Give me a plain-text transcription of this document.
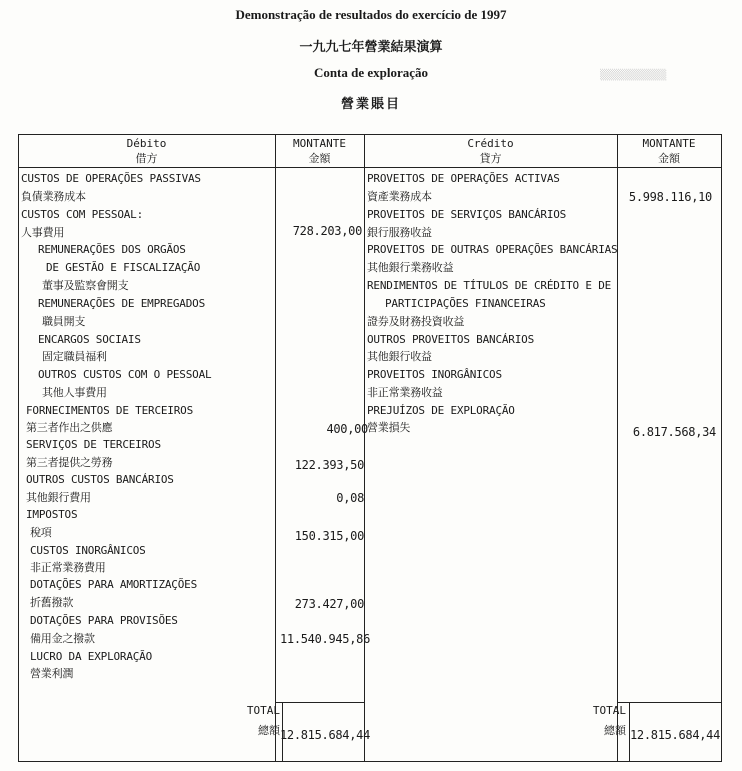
Demonstração de resultados do exercício de 1997
一九九七年營業結果演算
Conta de exploração
營業賬目
▒▒▒▒▒▒▒▒▒▒▒
Débito
借方
MONTANTE
金額
Crédito
貸方
MONTANTE
金額
CUSTOS DE OPERAÇÕES PASSIVAS
負債業務成本
CUSTOS COM PESSOAL:
人事費用
REMUNERAÇÕES DOS ORGÃOS
DE GESTÃO E FISCALIZAÇÃO
董事及監察會開支
REMUNERAÇÕES DE EMPREGADOS
職員開支
ENCARGOS SOCIAIS
固定職員福利
OUTROS CUSTOS COM O PESSOAL
其他人事費用
FORNECIMENTOS DE TERCEIROS
第三者作出之供應
SERVIÇOS DE TERCEIROS
第三者提供之勞務
OUTROS CUSTOS BANCÁRIOS
其他銀行費用
IMPOSTOS
稅項
CUSTOS INORGÂNICOS
非正常業務費用
DOTAÇÕES PARA AMORTIZAÇÕES
折舊撥款
DOTAÇÕES PARA PROVISÕES
備用金之撥款
LUCRO DA EXPLORAÇÃO
營業利潤
728.203,00
400,00
122.393,50
0,08
150.315,00
273.427,00
11.540.945,86
TOTAL
總額 12.815.684,44
PROVEITOS DE OPERAÇÕES ACTIVAS
資產業務成本
PROVEITOS DE SERVIÇOS BANCÁRIOS
銀行服務收益
PROVEITOS DE OUTRAS OPERAÇÕES BANCÁRIAS
其他銀行業務收益
RENDIMENTOS DE TÍTULOS DE CRÉDITO E DE
PARTICIPAÇÕES FINANCEIRAS
證券及財務投資收益
OUTROS PROVEITOS BANCÁRIOS
其他銀行收益
PROVEITOS INORGÂNICOS
非正常業務收益
PREJUÍZOS DE EXPLORAÇÃO
營業損失
5.998.116,10
6.817.568,34
TOTAL
總額 12.815.684,44
